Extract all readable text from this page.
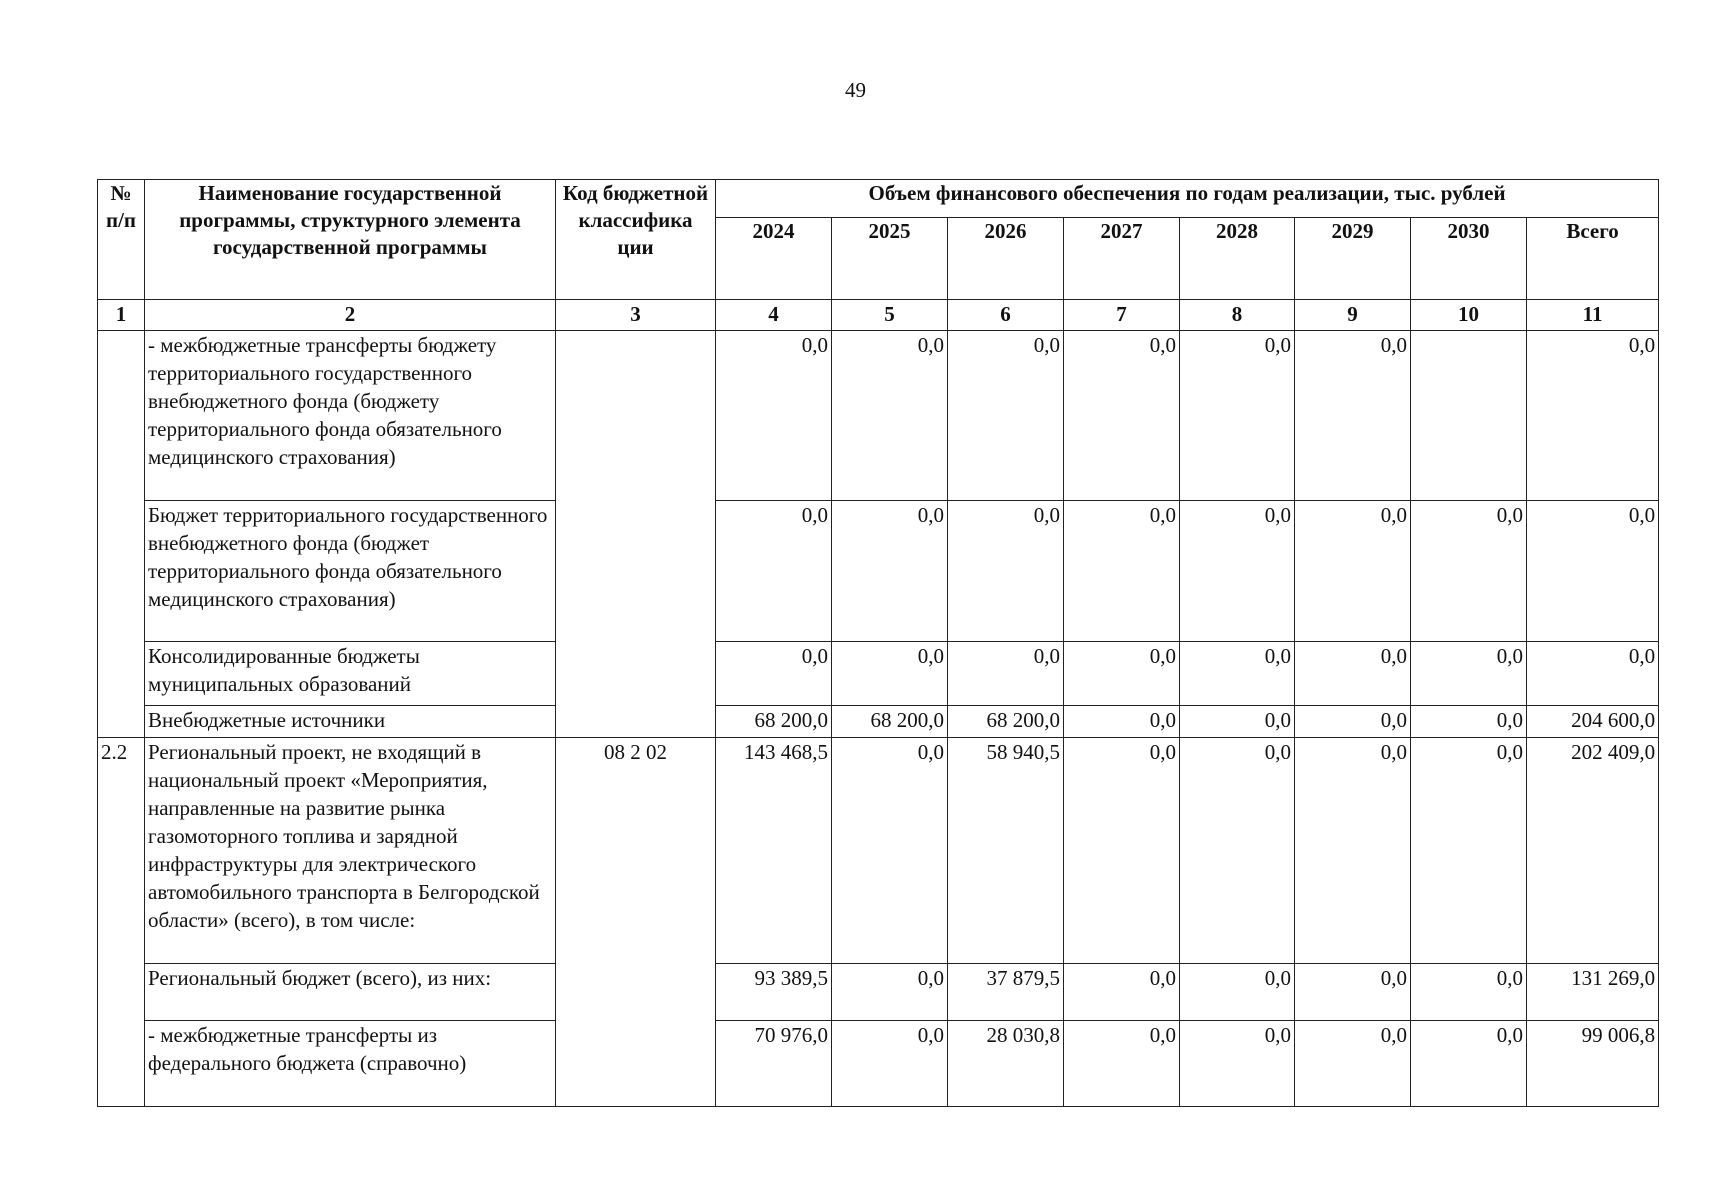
49
№ п/п	Наименование государственной программы, структурного элемента государственной программы	Код бюджетной классифика ции	Объем финансового обеспечения по годам реализации, тыс. рублей							
			2024	2025	2026	2027	2028	2029	2030	Всего
1	2	3	4	5	6	7	8	9	10	11
	- межбюджетные трансферты бюджету территориального государственного внебюджетного фонда (бюджету территориального фонда обязательного медицинского страхования)		0,0	0,0	0,0	0,0	0,0	0,0		0,0
	Бюджет территориального государственного внебюджетного фонда (бюджет территориального фонда обязательного медицинского страхования)		0,0	0,0	0,0	0,0	0,0	0,0	0,0	0,0
	Консолидированные бюджеты муниципальных образований		0,0	0,0	0,0	0,0	0,0	0,0	0,0	0,0
	Внебюджетные источники		68 200,0	68 200,0	68 200,0	0,0	0,0	0,0	0,0	204 600,0
2.2	Региональный проект, не входящий в национальный проект «Мероприятия, направленные на развитие рынка газомоторного топлива и зарядной инфраструктуры для электрического автомобильного транспорта в Белгородской области» (всего), в том числе:	08 2 02	143 468,5	0,0	58 940,5	0,0	0,0	0,0	0,0	202 409,0
	Региональный бюджет (всего), из них:		93 389,5	0,0	37 879,5	0,0	0,0	0,0	0,0	131 269,0
	- межбюджетные трансферты из федерального бюджета (справочно)		70 976,0	0,0	28 030,8	0,0	0,0	0,0	0,0	99 006,8
